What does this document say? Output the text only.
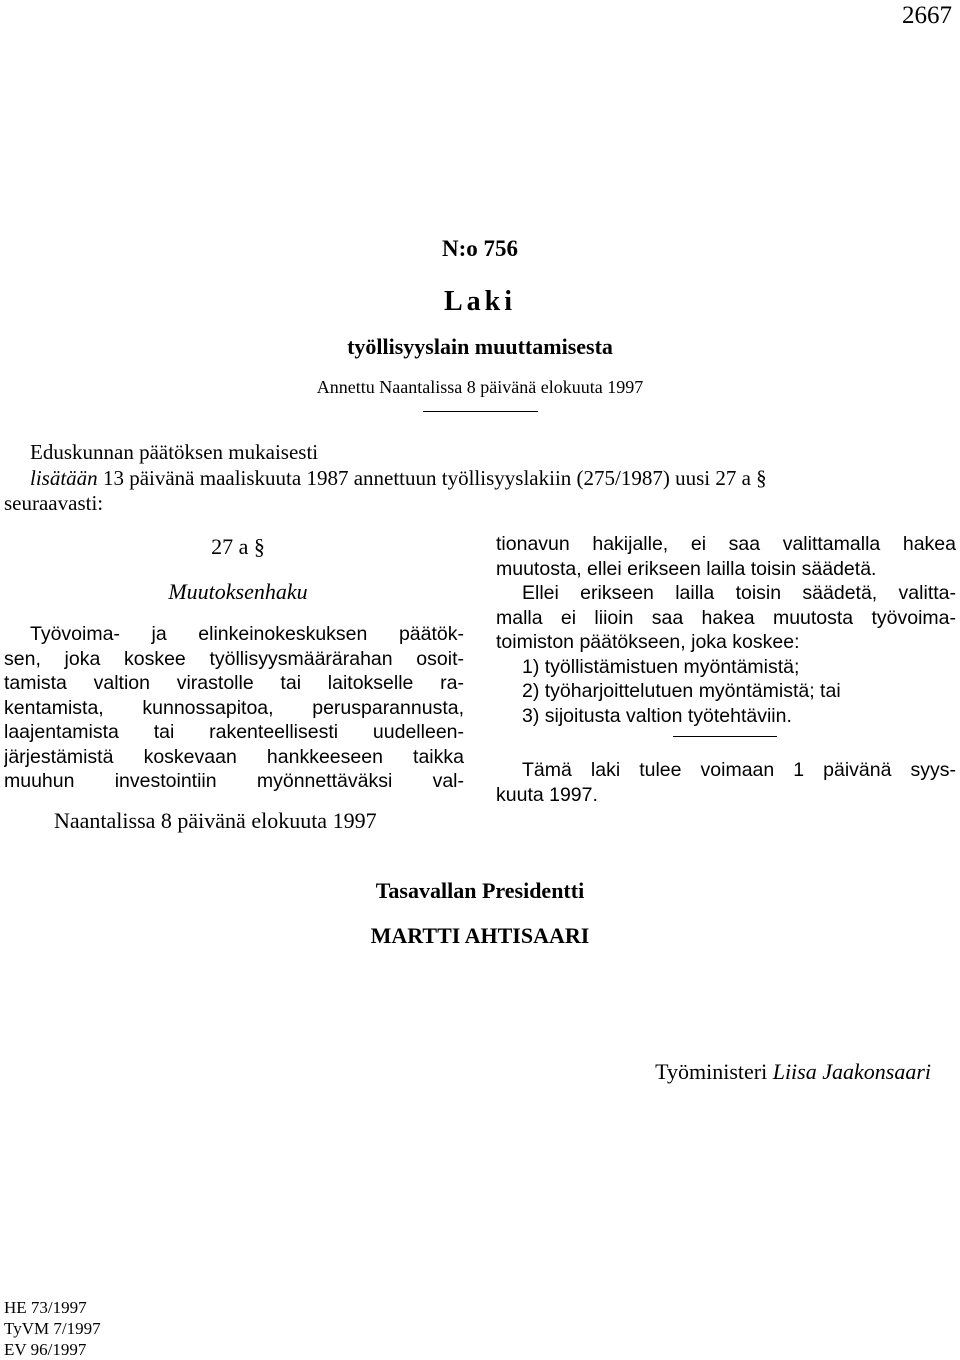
2667
N:o 756
Laki
työllisyyslain muuttamisesta
Annettu Naantalissa 8 päivänä elokuuta 1997
Eduskunnan päätöksen mukaisesti
lisätään 13 päivänä maaliskuuta 1987 annettuun työllisyyslakiin (275/1987) uusi 27 a §
seuraavasti:
27 a §
Muutoksenhaku
Työvoima- ja elinkeinokeskuksen päätök-
sen, joka koskee työllisyysmäärärahan osoit-
tamista valtion virastolle tai laitokselle ra-
kentamista, kunnossapitoa, perusparannusta,
laajentamista tai rakenteellisesti uudelleen-
järjestämistä koskevaan hankkeeseen taikka
muuhun investointiin myönnettäväksi val-
tionavun hakijalle, ei saa valittamalla hakea
muutosta, ellei erikseen lailla toisin säädetä.
Ellei erikseen lailla toisin säädetä, valitta-
malla ei liioin saa hakea muutosta työvoima-
toimiston päätökseen, joka koskee:
1) työllistämistuen myöntämistä;
2) työharjoittelutuen myöntämistä; tai
3) sijoitusta valtion työtehtäviin.
Tämä laki tulee voimaan 1 päivänä syys-
kuuta 1997.
Naantalissa 8 päivänä elokuuta 1997
Tasavallan Presidentti
MARTTI AHTISAARI
Työministeri Liisa Jaakonsaari
HE 73/1997
TyVM 7/1997
EV 96/1997
